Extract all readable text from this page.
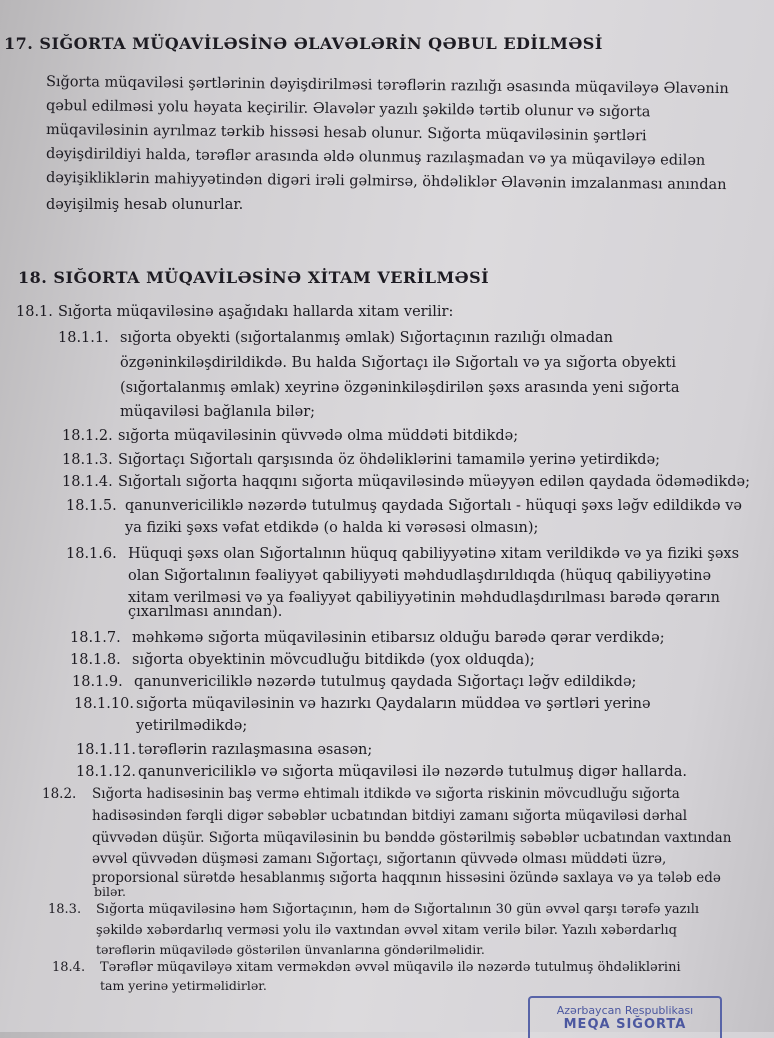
17. SIĞORTA MÜQAVİLƏSİNƏ ƏLAVƏLƏRİN QƏBUL EDİLMƏSİ
Sığorta müqaviləsi şərtlərinin dəyişdirilməsi tərəflərin razılığı əsasında müqaviləyə Əlavənin
qəbul edilməsi yolu həyata keçirilir. Əlavələr yazılı şəkildə tərtib olunur və sığorta
müqaviləsinin ayrılmaz tərkib hissəsi hesab olunur. Sığorta müqaviləsinin şərtləri
dəyişdirildiyi halda, tərəflər arasında əldə olunmuş razılaşmadan və ya müqaviləyə edilən
dəyişikliklərin mahiyyətindən digəri irəli gəlmirsə, öhdəliklər Əlavənin imzalanması anından
dəyişilmiş hesab olunurlar.
18. SIĞORTA MÜQAVİLƏSİNƏ XİTAM VERİLMƏSİ
18.1. Sığorta müqaviləsinə aşağıdakı hallarda xitam verilir:
18.1.1. sığorta obyekti (sığortalanmış əmlak) Sığortaçının razılığı olmadan
özgəninkiləşdirildikdə. Bu halda Sığortaçı ilə Sığortalı və ya sığorta obyekti
(sığortalanmış əmlak) xeyrinə özgəninkiləşdirilən şəxs arasında yeni sığorta
müqaviləsi bağlanıla bilər;
18.1.2. sığorta müqaviləsinin qüvvədə olma müddəti bitdikdə;
18.1.3. Sığortaçı Sığortalı qarşısında öz öhdəliklərini tamamilə yerinə yetirdikdə;
18.1.4. Sığortalı sığorta haqqını sığorta müqaviləsində müəyyən edilən qaydada ödəmədikdə;
18.1.5. qanunvericiliklə nəzərdə tutulmuş qaydada Sığortalı - hüquqi şəxs ləğv edildikdə və
ya fiziki şəxs vəfat etdikdə (o halda ki vərəsəsi olmasın);
18.1.6. Hüquqi şəxs olan Sığortalının hüquq qabiliyyətinə xitam verildikdə və ya fiziki şəxs
olan Sığortalının fəaliyyət qabiliyyəti məhdudlaşdırıldıqda (hüquq qabiliyyətinə
xitam verilməsi və ya fəaliyyət qabiliyyətinin məhdudlaşdırılması barədə qərarın
çıxarılması anından).
18.1.7. məhkəmə sığorta müqaviləsinin etibarsız olduğu barədə qərar verdikdə;
18.1.8. sığorta obyektinin mövcudluğu bitdikdə (yox olduqda);
18.1.9. qanunvericiliklə nəzərdə tutulmuş qaydada Sığortaçı ləğv edildikdə;
18.1.10. sığorta müqaviləsinin və hazırkı Qaydaların müddəa və şərtləri yerinə
yetirilmədikdə;
18.1.11. tərəflərin razılaşmasına əsasən;
18.1.12. qanunvericiliklə və sığorta müqaviləsi ilə nəzərdə tutulmuş digər hallarda.
18.2. Sığorta hadisəsinin baş vermə ehtimalı itdikdə və sığorta riskinin mövcudluğu sığorta
hadisəsindən fərqli digər səbəblər ucbatından bitdiyi zamanı sığorta müqaviləsi dərhal
qüvvədən düşür. Sığorta müqaviləsinin bu bənddə göstərilmiş səbəblər ucbatından vaxtından
əvvəl qüvvədən düşməsi zamanı Sığortaçı, sığortanın qüvvədə olması müddəti üzrə,
proporsional sürətdə hesablanmış sığorta haqqının hissəsini özündə saxlaya və ya tələb edə
bilər.
18.3. Sığorta müqaviləsinə həm Sığortaçının, həm də Sığortalının 30 gün əvvəl qarşı tərəfə yazılı
şəkildə xəbərdarlıq verməsi yolu ilə vaxtından əvvəl xitam verilə bilər. Yazılı xəbərdarlıq
tərəflərin müqavilədə göstərilən ünvanlarına göndərilməlidir.
18.4. Tərəflər müqaviləyə xitam verməkdən əvvəl müqavilə ilə nəzərdə tutulmuş öhdəliklərini
tam yerinə yetirməlidirlər.
Azərbaycan Respublikası
MEQA SIĞORTA
